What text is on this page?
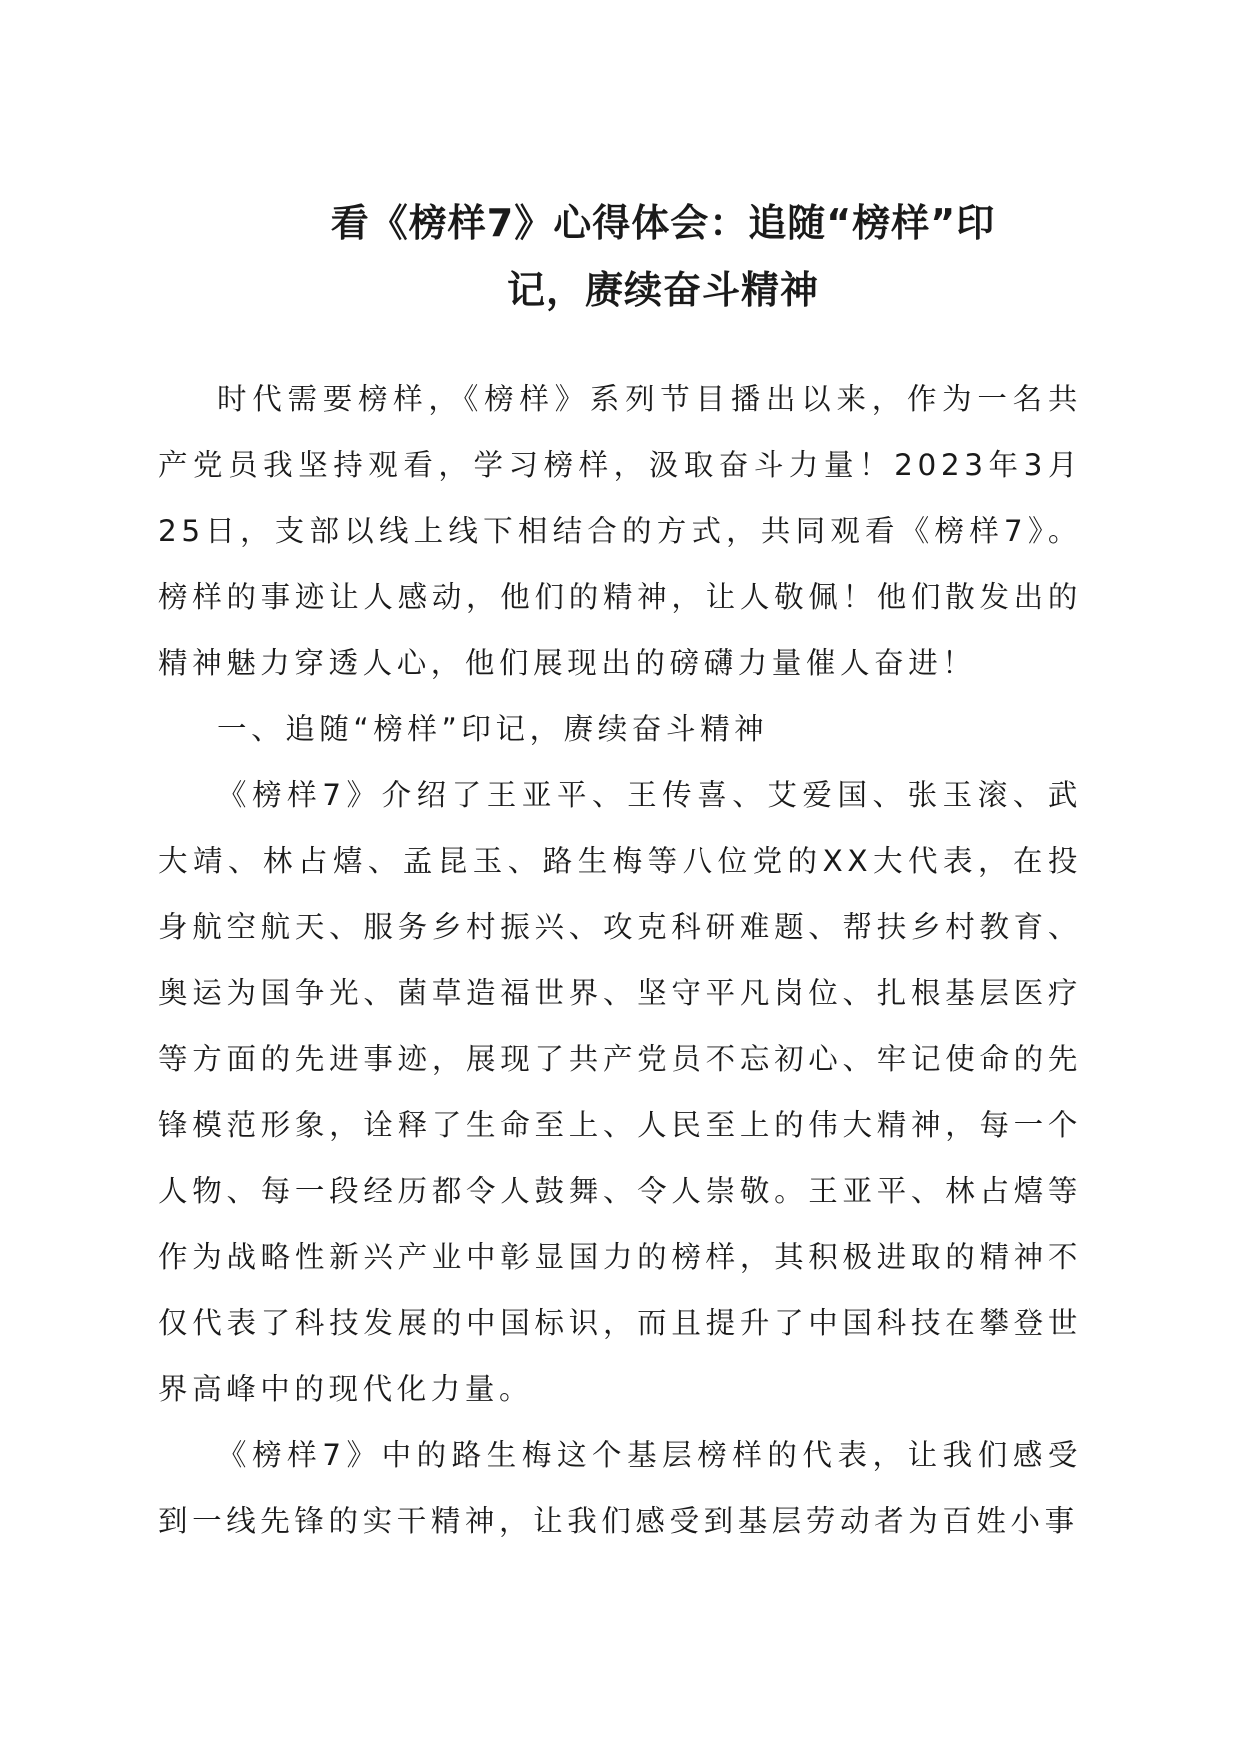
看《榜样7》心得体会：追随“榜样”印
记，赓续奋斗精神

时代需要榜样，《榜样》系列节目播出以来，作为一名共产党员我坚持观看，学习榜样，汲取奋斗力量！2023年3月25日，支部以线上线下相结合的方式，共同观看《榜样7》。榜样的事迹让人感动，他们的精神，让人敬佩！他们散发出的精神魅力穿透人心，他们展现出的磅礴力量催人奋进！

一、追随“榜样”印记，赓续奋斗精神

《榜样7》介绍了王亚平、王传喜、艾爱国、张玉滚、武大靖、林占熺、孟昆玉、路生梅等八位党的XX大代表，在投身航空航天、服务乡村振兴、攻克科研难题、帮扶乡村教育、奥运为国争光、菌草造福世界、坚守平凡岗位、扎根基层医疗等方面的先进事迹，展现了共产党员不忘初心、牢记使命的先锋模范形象，诠释了生命至上、人民至上的伟大精神，每一个人物、每一段经历都令人鼓舞、令人崇敬。王亚平、林占熺等作为战略性新兴产业中彰显国力的榜样，其积极进取的精神不仅代表了科技发展的中国标识，而且提升了中国科技在攀登世界高峰中的现代化力量。

《榜样7》中的路生梅这个基层榜样的代表，让我们感受到一线先锋的实干精神，让我们感受到基层劳动者为百姓小事
